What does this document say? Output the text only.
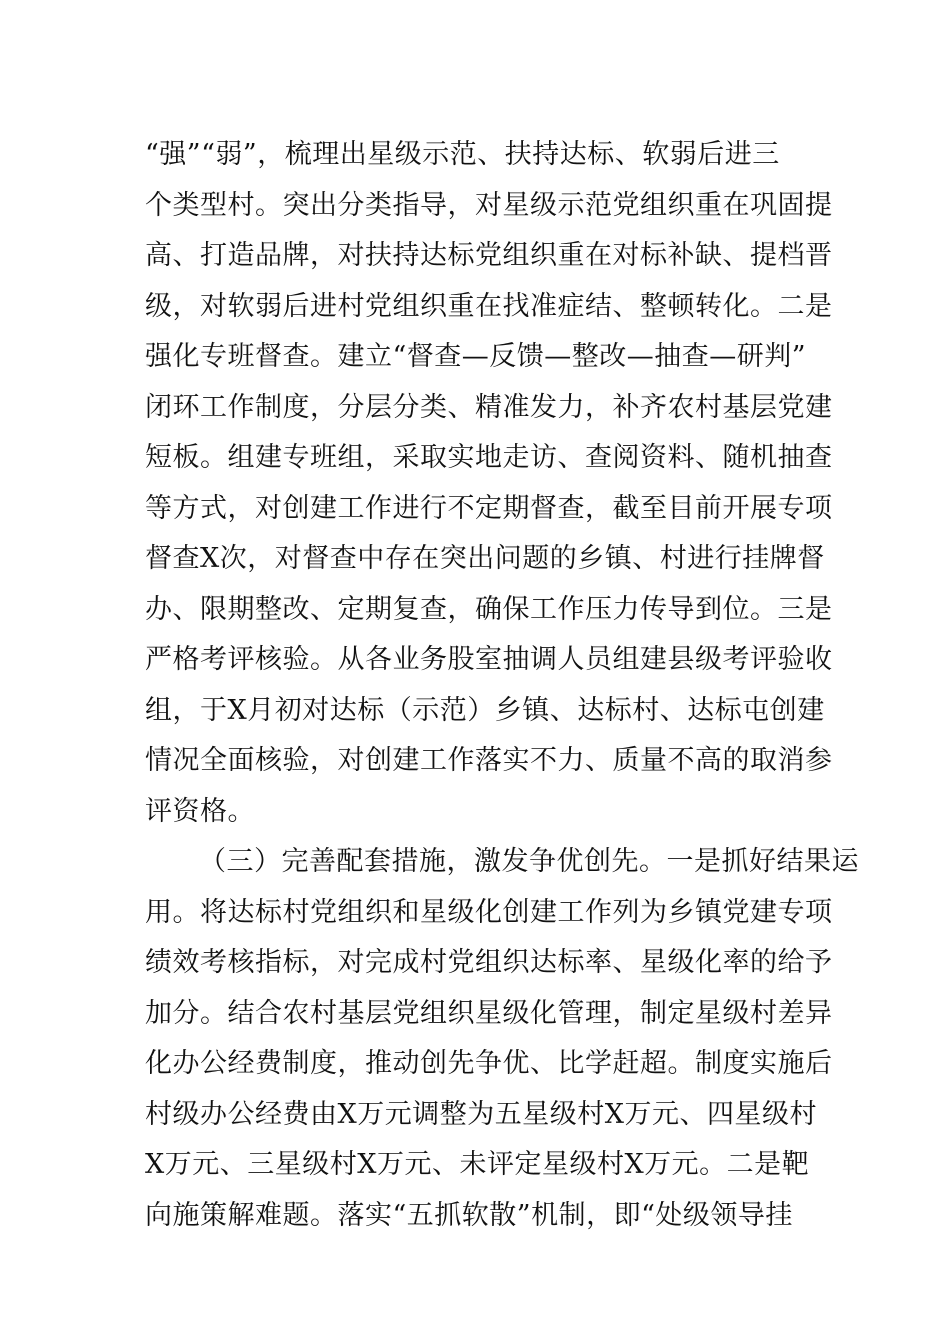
“强”“弱”，梳理出星级示范、扶持达标、软弱后进三
个类型村。突出分类指导，对星级示范党组织重在巩固提
高、打造品牌，对扶持达标党组织重在对标补缺、提档晋
级，对软弱后进村党组织重在找准症结、整顿转化。二是
强化专班督查。建立“督查—反馈—整改—抽查—研判”
闭环工作制度，分层分类、精准发力，补齐农村基层党建
短板。组建专班组，采取实地走访、查阅资料、随机抽查
等方式，对创建工作进行不定期督查，截至目前开展专项
督查X次，对督查中存在突出问题的乡镇、村进行挂牌督
办、限期整改、定期复查，确保工作压力传导到位。三是
严格考评核验。从各业务股室抽调人员组建县级考评验收
组，于X月初对达标（示范）乡镇、达标村、达标屯创建
情况全面核验，对创建工作落实不力、质量不高的取消参
评资格。
（三）完善配套措施，激发争优创先。一是抓好结果运
用。将达标村党组织和星级化创建工作列为乡镇党建专项
绩效考核指标，对完成村党组织达标率、星级化率的给予
加分。结合农村基层党组织星级化管理，制定星级村差异
化办公经费制度，推动创先争优、比学赶超。制度实施后
村级办公经费由X万元调整为五星级村X万元、四星级村
X万元、三星级村X万元、未评定星级村X万元。二是靶
向施策解难题。落实“五抓软散”机制，即“处级领导挂
